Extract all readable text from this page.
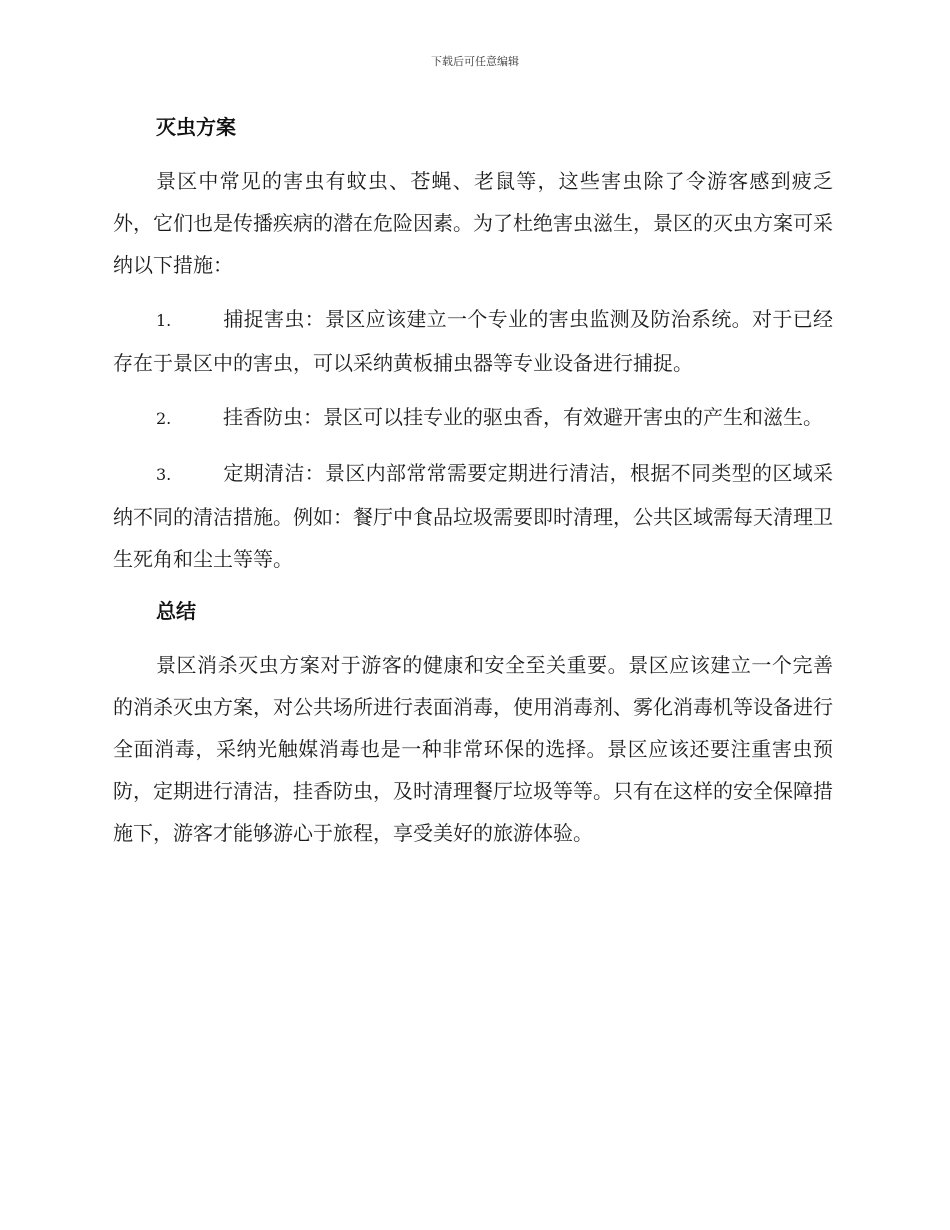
下载后可任意编辑
灭虫方案

景区中常见的害虫有蚊虫、苍蝇、老鼠等，这些害虫除了令游客感到疲乏外，它们也是传播疾病的潜在危险因素。为了杜绝害虫滋生，景区的灭虫方案可采纳以下措施：

1.	捕捉害虫：景区应该建立一个专业的害虫监测及防治系统。对于已经存在于景区中的害虫，可以采纳黄板捕虫器等专业设备进行捕捉。

2.	挂香防虫：景区可以挂专业的驱虫香，有效避开害虫的产生和滋生。

3.	定期清洁：景区内部常常需要定期进行清洁，根据不同类型的区域采纳不同的清洁措施。例如：餐厅中食品垃圾需要即时清理，公共区域需每天清理卫生死角和尘土等等。

总结

景区消杀灭虫方案对于游客的健康和安全至关重要。景区应该建立一个完善的消杀灭虫方案，对公共场所进行表面消毒，使用消毒剂、雾化消毒机等设备进行全面消毒，采纳光触媒消毒也是一种非常环保的选择。景区应该还要注重害虫预防，定期进行清洁，挂香防虫，及时清理餐厅垃圾等等。只有在这样的安全保障措施下，游客才能够游心于旅程，享受美好的旅游体验。
